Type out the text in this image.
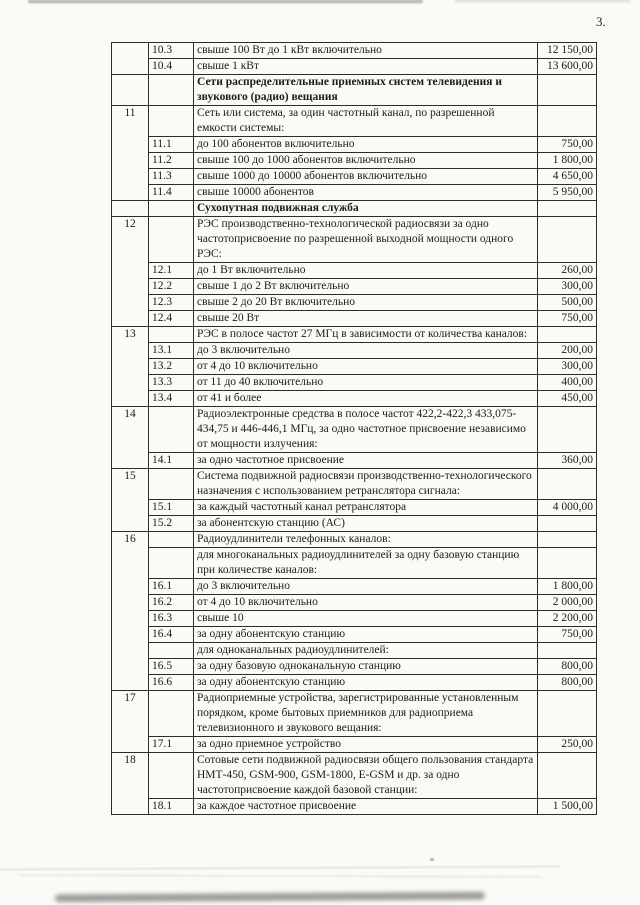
3.
	10.3	свыше 100 Вт до 1 кВт включительно	12 150,00
	10.4	свыше 1 кВт	13 600,00
		Сети распределительные приемных систем телевидения и звукового (радио) вещания	
11		Сеть или система, за один частотный канал, по разрешенной емкости системы:	
	11.1	до 100 абонентов включительно	750,00
	11.2	свыше 100 до 1000 абонентов включительно	1 800,00
	11.3	свыше 1000 до 10000 абонентов включительно	4 650,00
	11.4	свыше 10000 абонентов	5 950,00
		Сухопутная подвижная служба	
12		РЭС производственно-технологической радиосвязи за одно частотоприсвоение по разрешенной выходной мощности одного РЭС:	
	12.1	до 1 Вт включительно	260,00
	12.2	свыше 1 до 2 Вт включительно	300,00
	12.3	свыше 2 до 20 Вт включительно	500,00
	12.4	свыше 20 Вт	750,00
13		РЭС в полосе частот 27 МГц в зависимости от количества каналов:	
	13.1	до 3 включительно	200,00
	13.2	от 4 до 10 включительно	300,00
	13.3	от 11 до 40 включительно	400,00
	13.4	от 41 и более	450,00
14		Радиоэлектронные средства в полосе частот 422,2-422,3 433,075-434,75 и 446-446,1 МГц, за одно частотное присвоение независимо от мощности излучения:	
	14.1	за одно частотное присвоение	360,00
15		Система подвижной радиосвязи производственно-технологического назначения с использованием ретранслятора сигнала:	
	15.1	за каждый частотный канал ретранслятора	4 000,00
	15.2	за абонентскую станцию (АС)	
16		Радиоудлинители телефонных каналов:	
		для многоканальных радиоудлинителей за одну базовую станцию при количестве каналов:	
	16.1	до 3 включительно	1 800,00
	16.2	от 4 до 10 включительно	2 000,00
	16.3	свыше 10	2 200,00
	16.4	за одну абонентскую станцию	750,00
		для одноканальных радиоудлинителей:	
	16.5	за одну базовую одноканальную станцию	800,00
	16.6	за одну абонентскую станцию	800,00
17		Радиоприемные устройства, зарегистрированные установленным порядком, кроме бытовых приемников для радиоприема телевизионного и звукового вещания:	
	17.1	за одно приемное устройство	250,00
18		Сотовые сети подвижной радиосвязи общего пользования стандарта НМТ-450, GSM-900, GSM-1800, E-GSM и др. за одно частотоприсвоение каждой базовой станции:	
	18.1	за каждое частотное присвоение	1 500,00
